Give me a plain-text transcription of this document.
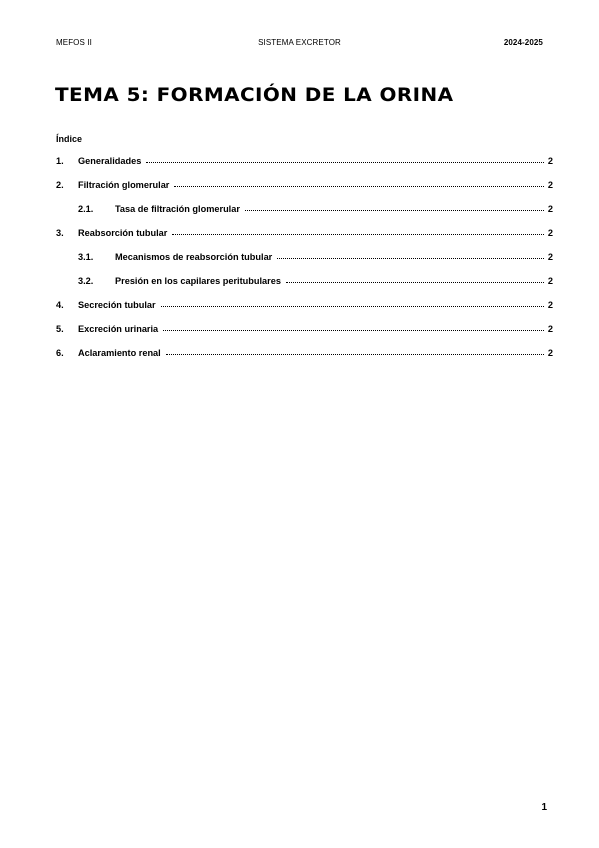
MEFOS II	SISTEMA EXCRETOR	2024-2025
TEMA 5: FORMACIÓN DE LA ORINA
Índice
1.	Generalidades	2
2.	Filtración glomerular	2
2.1.	Tasa de filtración glomerular	2
3.	Reabsorción tubular	2
3.1.	Mecanismos de reabsorción tubular	2
3.2.	Presión en los capilares peritubulares	2
4.	Secreción tubular	2
5.	Excreción urinaria	2
6.	Aclaramiento renal	2
1
